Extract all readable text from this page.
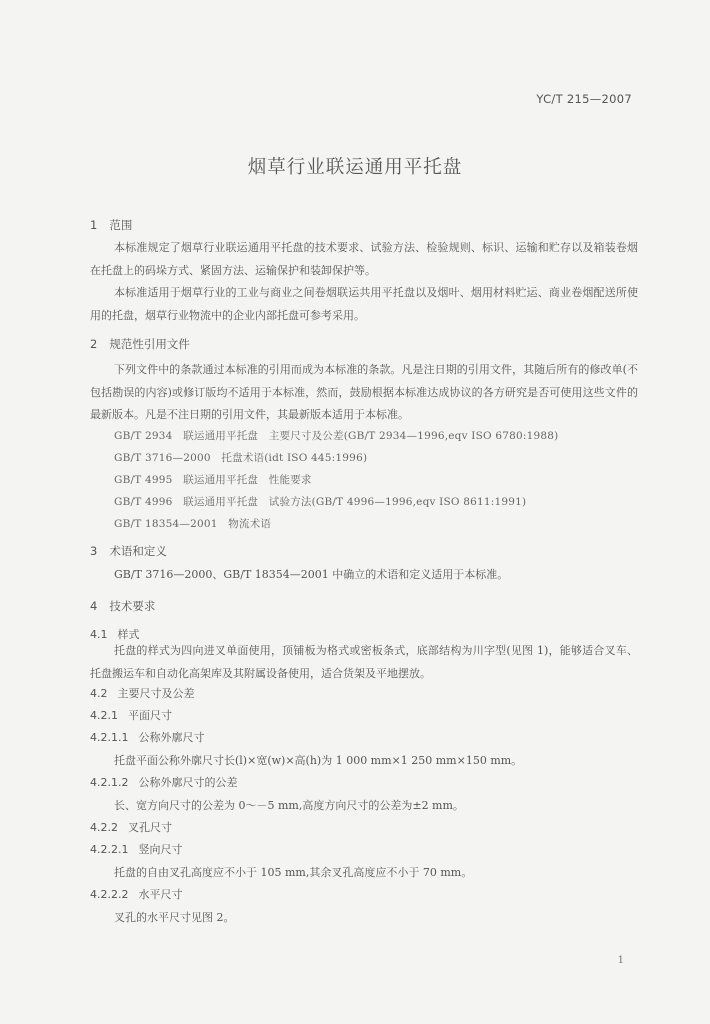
YC/T 215—2007
烟草行业联运通用平托盘
1 范围

本标准规定了烟草行业联运通用平托盘的技术要求、试验方法、检验规则、标识、运输和贮存以及箱装卷烟在托盘上的码垛方式、紧固方法、运输保护和装卸保护等。

本标准适用于烟草行业的工业与商业之间卷烟联运共用平托盘以及烟叶、烟用材料贮运、商业卷烟配送所使用的托盘，烟草行业物流中的企业内部托盘可参考采用。

2 规范性引用文件

下列文件中的条款通过本标准的引用而成为本标准的条款。凡是注日期的引用文件，其随后所有的修改单(不包括勘误的内容)或修订版均不适用于本标准，然而，鼓励根据本标准达成协议的各方研究是否可使用这些文件的最新版本。凡是不注日期的引用文件，其最新版本适用于本标准。

GB/T 2934　联运通用平托盘　主要尺寸及公差(GB/T 2934—1996,eqv ISO 6780:1988)
GB/T 3716—2000　托盘术语(idt ISO 445:1996)
GB/T 4995　联运通用平托盘　性能要求
GB/T 4996　联运通用平托盘　试验方法(GB/T 4996—1996,eqv ISO 8611:1991)
GB/T 18354—2001　物流术语
3 术语和定义
GB/T 3716—2000、GB/T 18354—2001 中确立的术语和定义适用于本标准。
4 技术要求
4.1 样式

托盘的样式为四向进叉单面使用，顶铺板为格式或密板条式，底部结构为川字型(见图 1)，能够适合叉车、托盘搬运车和自动化高架库及其附属设备使用，适合货架及平地摆放。

4.2 主要尺寸及公差
4.2.1 平面尺寸
4.2.1.1 公称外廓尺寸
托盘平面公称外廓尺寸长(l)×宽(w)×高(h)为 1 000 mm×1 250 mm×150 mm。
4.2.1.2 公称外廓尺寸的公差
长、宽方向尺寸的公差为 0～－5 mm,高度方向尺寸的公差为±2 mm。
4.2.2 叉孔尺寸
4.2.2.1 竖向尺寸
托盘的自由叉孔高度应不小于 105 mm,其余叉孔高度应不小于 70 mm。
4.2.2.2 水平尺寸
叉孔的水平尺寸见图 2。
1
